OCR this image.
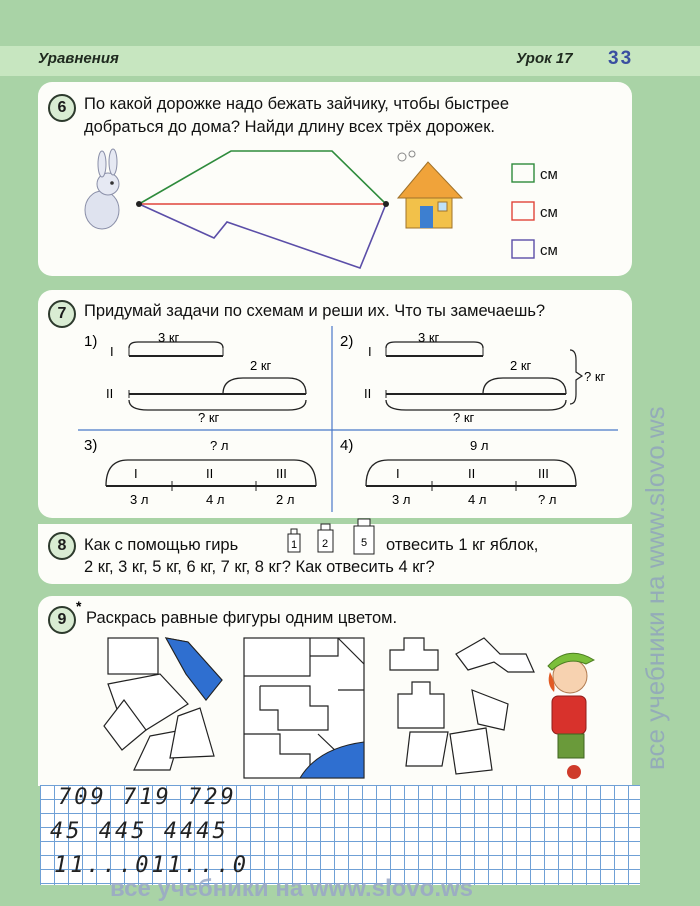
Уравнения	Урок 17 33
6	По какой дорожке надо бежать зайчику, чтобы быстрее
добраться до дома? Найди длину всех трёх дорожек.
см
см
см
7	Придумай задачи по схемам и реши их. Что ты замечаешь?
1)
I
II
3 кг
2 кг
? кг
2)
I
II
3 кг
2 кг
? кг
? кг
3)	? л
I	II	III
3 л	4 л	2 л
4)	9 л
I	II	III
3 л	4 л	? л
8	Как с помощью гирь	1 2	5 отвесить 1 кг яблок,
2 кг, 3 кг, 5 кг, 6 кг, 7 кг, 8 кг? Как отвесить 4 кг?
9
*
Раскрась равные фигуры одним цветом.
709 719 729
45 445 4445
11...011...0
все учебники на www.slovo.ws
все учебники на www.slovo.ws
